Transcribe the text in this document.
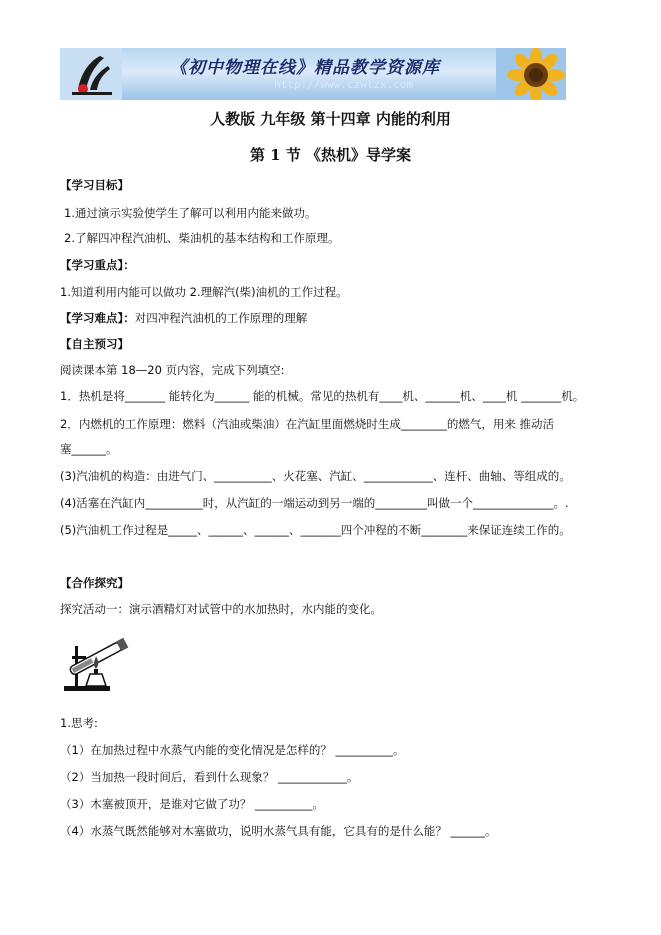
《初中物理在线》精品教学资源库
http://www.czwlzx.com
人教版 九年级 第十四章 内能的利用
第 1 节 《热机》导学案
【学习目标】
1.通过演示实验使学生了解可以利用内能来做功。
2.了解四冲程汽油机、柴油机的基本结构和工作原理。
【学习重点】：
1.知道利用内能可以做功 2.理解汽(柴)油机的工作过程。
【学习难点】：对四冲程汽油机的工作原理的理解
【自主预习】
阅读课本第 18—20 页内容，完成下列填空:
1．热机是将_______ 能转化为______ 能的机械。常见的热机有____机、______机、____机 _______机。
2．内燃机的工作原理：燃料（汽油或柴油）在汽缸里面燃烧时生成________的燃气，用来 推动活
塞______。
(3)汽油机的构造：由进气门、__________、火花塞、汽缸、____________、连杆、曲轴、等组成的。
(4)活塞在汽缸内__________时，从汽缸的一端运动到另一端的_________叫做一个______________。.
(5)汽油机工作过程是_____、______、______、_______四个冲程的不断________来保证连续工作的。
【合作探究】
探究活动一：演示酒精灯对试管中的水加热时，水内能的变化。
1.思考:
（1）在加热过程中水蒸气内能的变化情况是怎样的？ __________。
（2）当加热一段时间后，看到什么现象？ ____________。
（3）木塞被顶开，是谁对它做了功？ __________。
（4）水蒸气既然能够对木塞做功，说明水蒸气具有能，它具有的是什么能？ ______。
